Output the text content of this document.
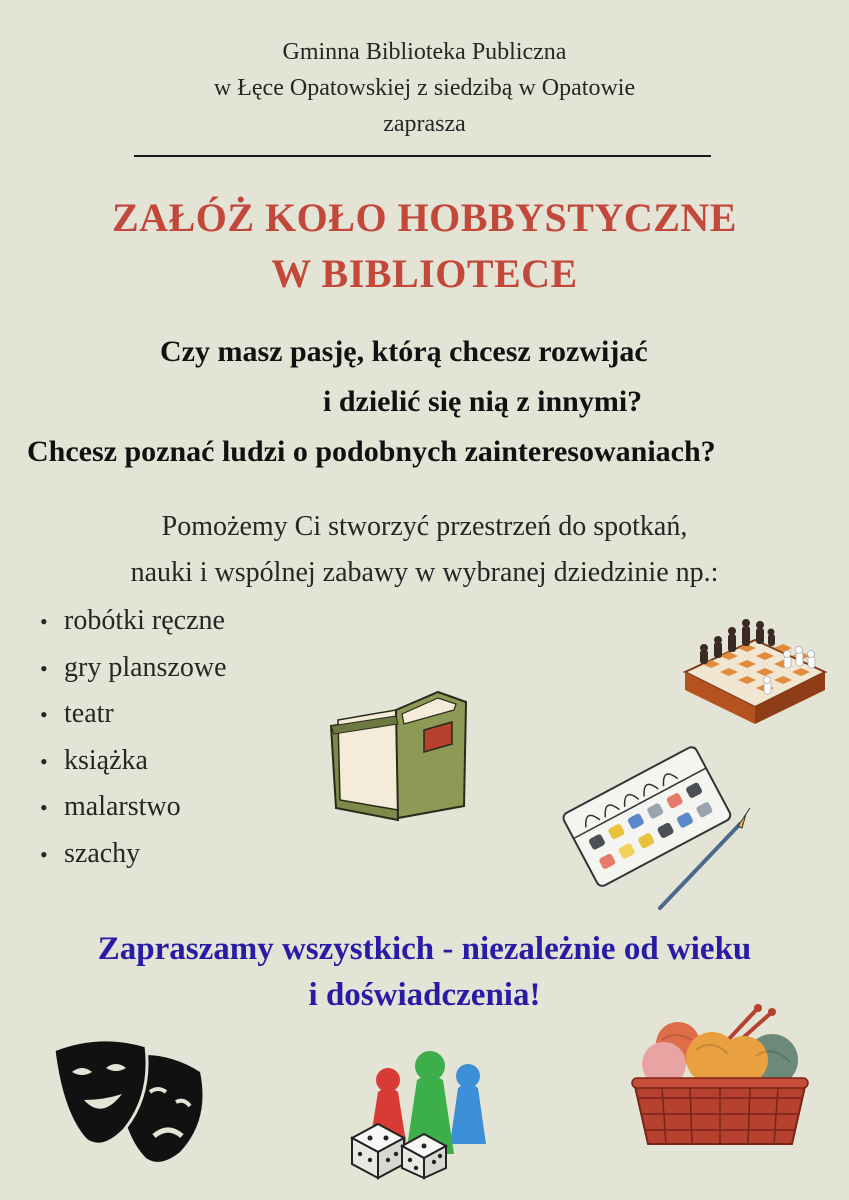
Gminna Biblioteka Publiczna
w Łęce Opatowskiej z siedzibą w Opatowie
zaprasza
ZAŁÓŻ KOŁO HOBBYSTYCZNE
W BIBLIOTECE
Czy masz pasję, którą chcesz rozwijać
i dzielić się nią z innymi?
Chcesz poznać ludzi o podobnych zainteresowaniach?
Pomożemy Ci stworzyć przestrzeń do spotkań,
nauki i wspólnej zabawy w wybranej dziedzinie np.:
• robótki ręczne
• gry planszowe
• teatr
• książka
• malarstwo
• szachy
Zapraszamy wszystkich - niezależnie od wieku
i doświadczenia!
